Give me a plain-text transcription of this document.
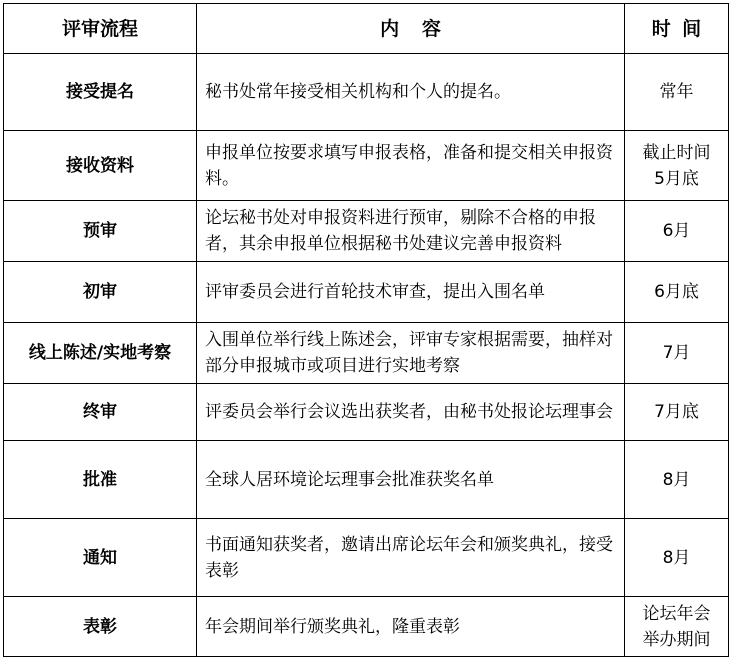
评审流程	内容	时间
接受提名	秘书处常年接受相关机构和个人的提名。	常年

接收资料	申报单位按要求填写申报表格，准备和提交相关申报资料。	截止时间
5月底

预审	论坛秘书处对申报资料进行预审，剔除不合格的申报者，其余申报单位根据秘书处建议完善申报资料	6月

初审	评审委员会进行首轮技术审查，提出入围名单	6月底

线上陈述/实地考察	入围单位举行线上陈述会，评审专家根据需要，抽样对部分申报城市或项目进行实地考察	7月

终审	评委员会举行会议选出获奖者，由秘书处报论坛理事会	7月底

批准	全球人居环境论坛理事会批准获奖名单	8月

通知	书面通知获奖者，邀请出席论坛年会和颁奖典礼，接受表彰	8月

表彰	年会期间举行颁奖典礼，隆重表彰	论坛年会
举办期间
